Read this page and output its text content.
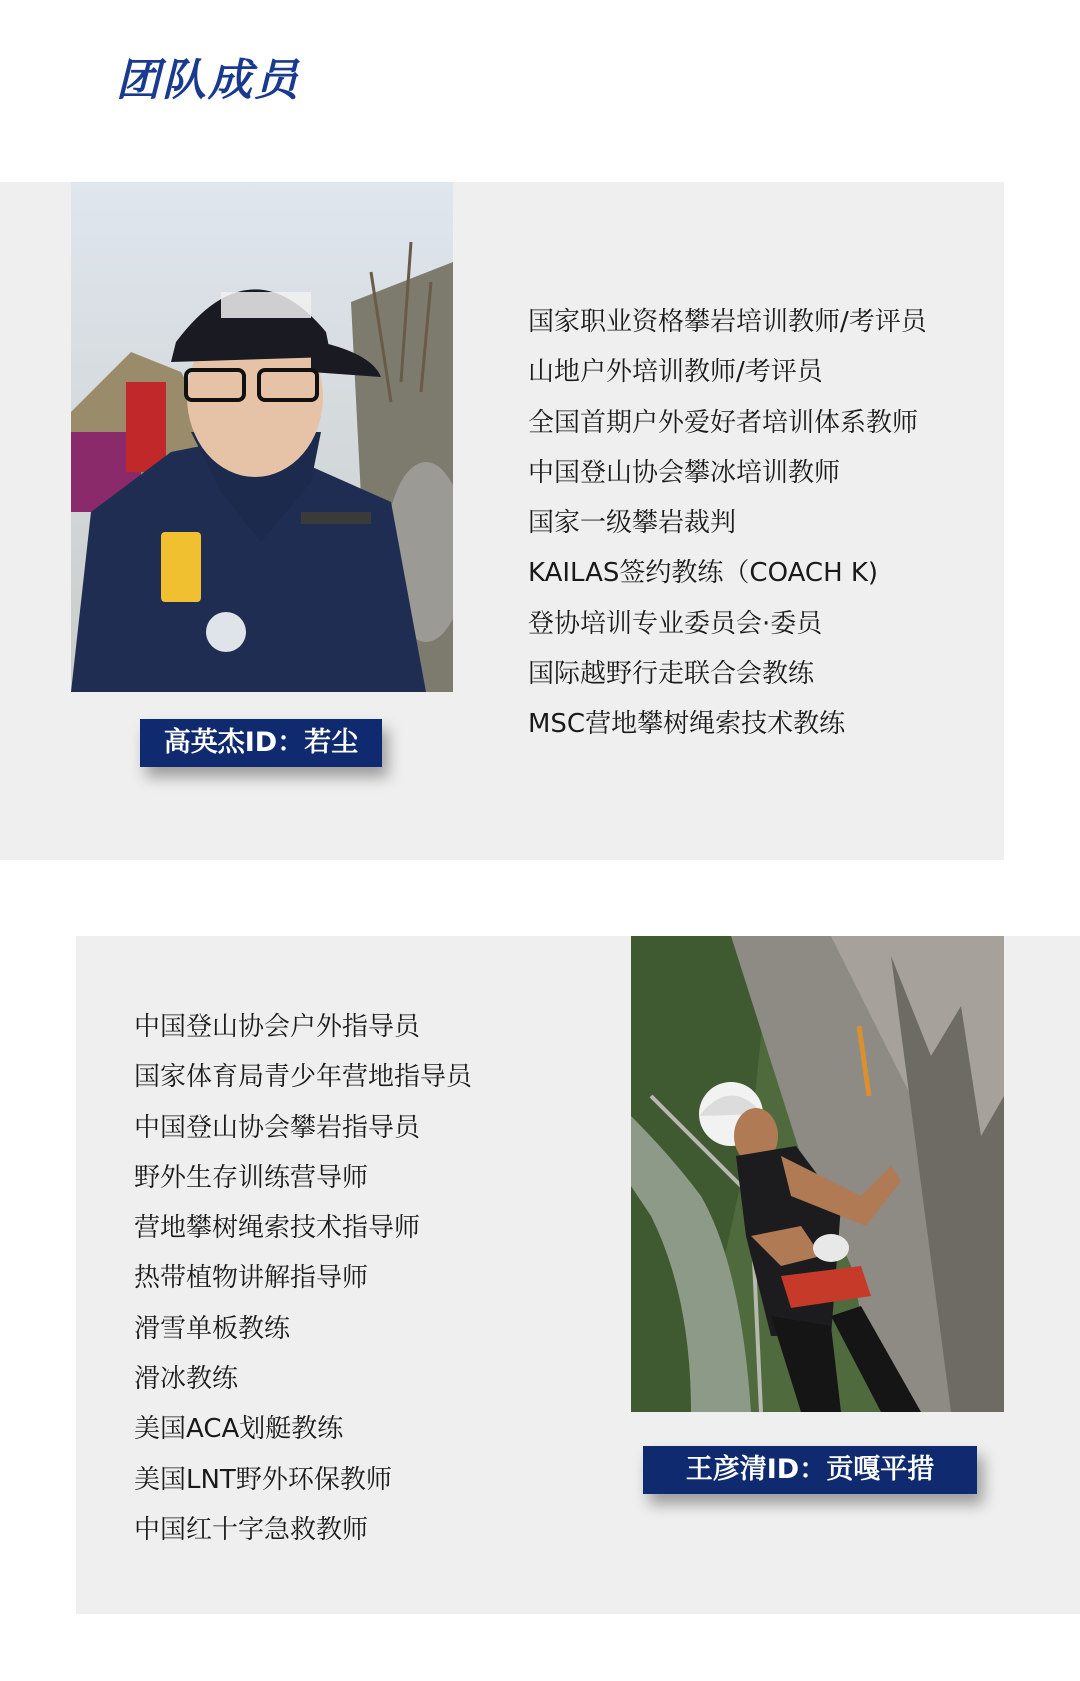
团队成员
高英杰ID：若尘
国家职业资格攀岩培训教师/考评员
山地户外培训教师/考评员
全国首期户外爱好者培训体系教师
中国登山协会攀冰培训教师
国家一级攀岩裁判
KAILAS签约教练（COACH K)
登协培训专业委员会·委员
国际越野行走联合会教练
MSC营地攀树绳索技术教练
中国登山协会户外指导员
国家体育局青少年营地指导员
中国登山协会攀岩指导员
野外生存训练营导师
营地攀树绳索技术指导师
热带植物讲解指导师
滑雪单板教练
滑冰教练
美国ACA划艇教练
美国LNT野外环保教师
中国红十字急救教师
王彦清ID：贡嘎平措
